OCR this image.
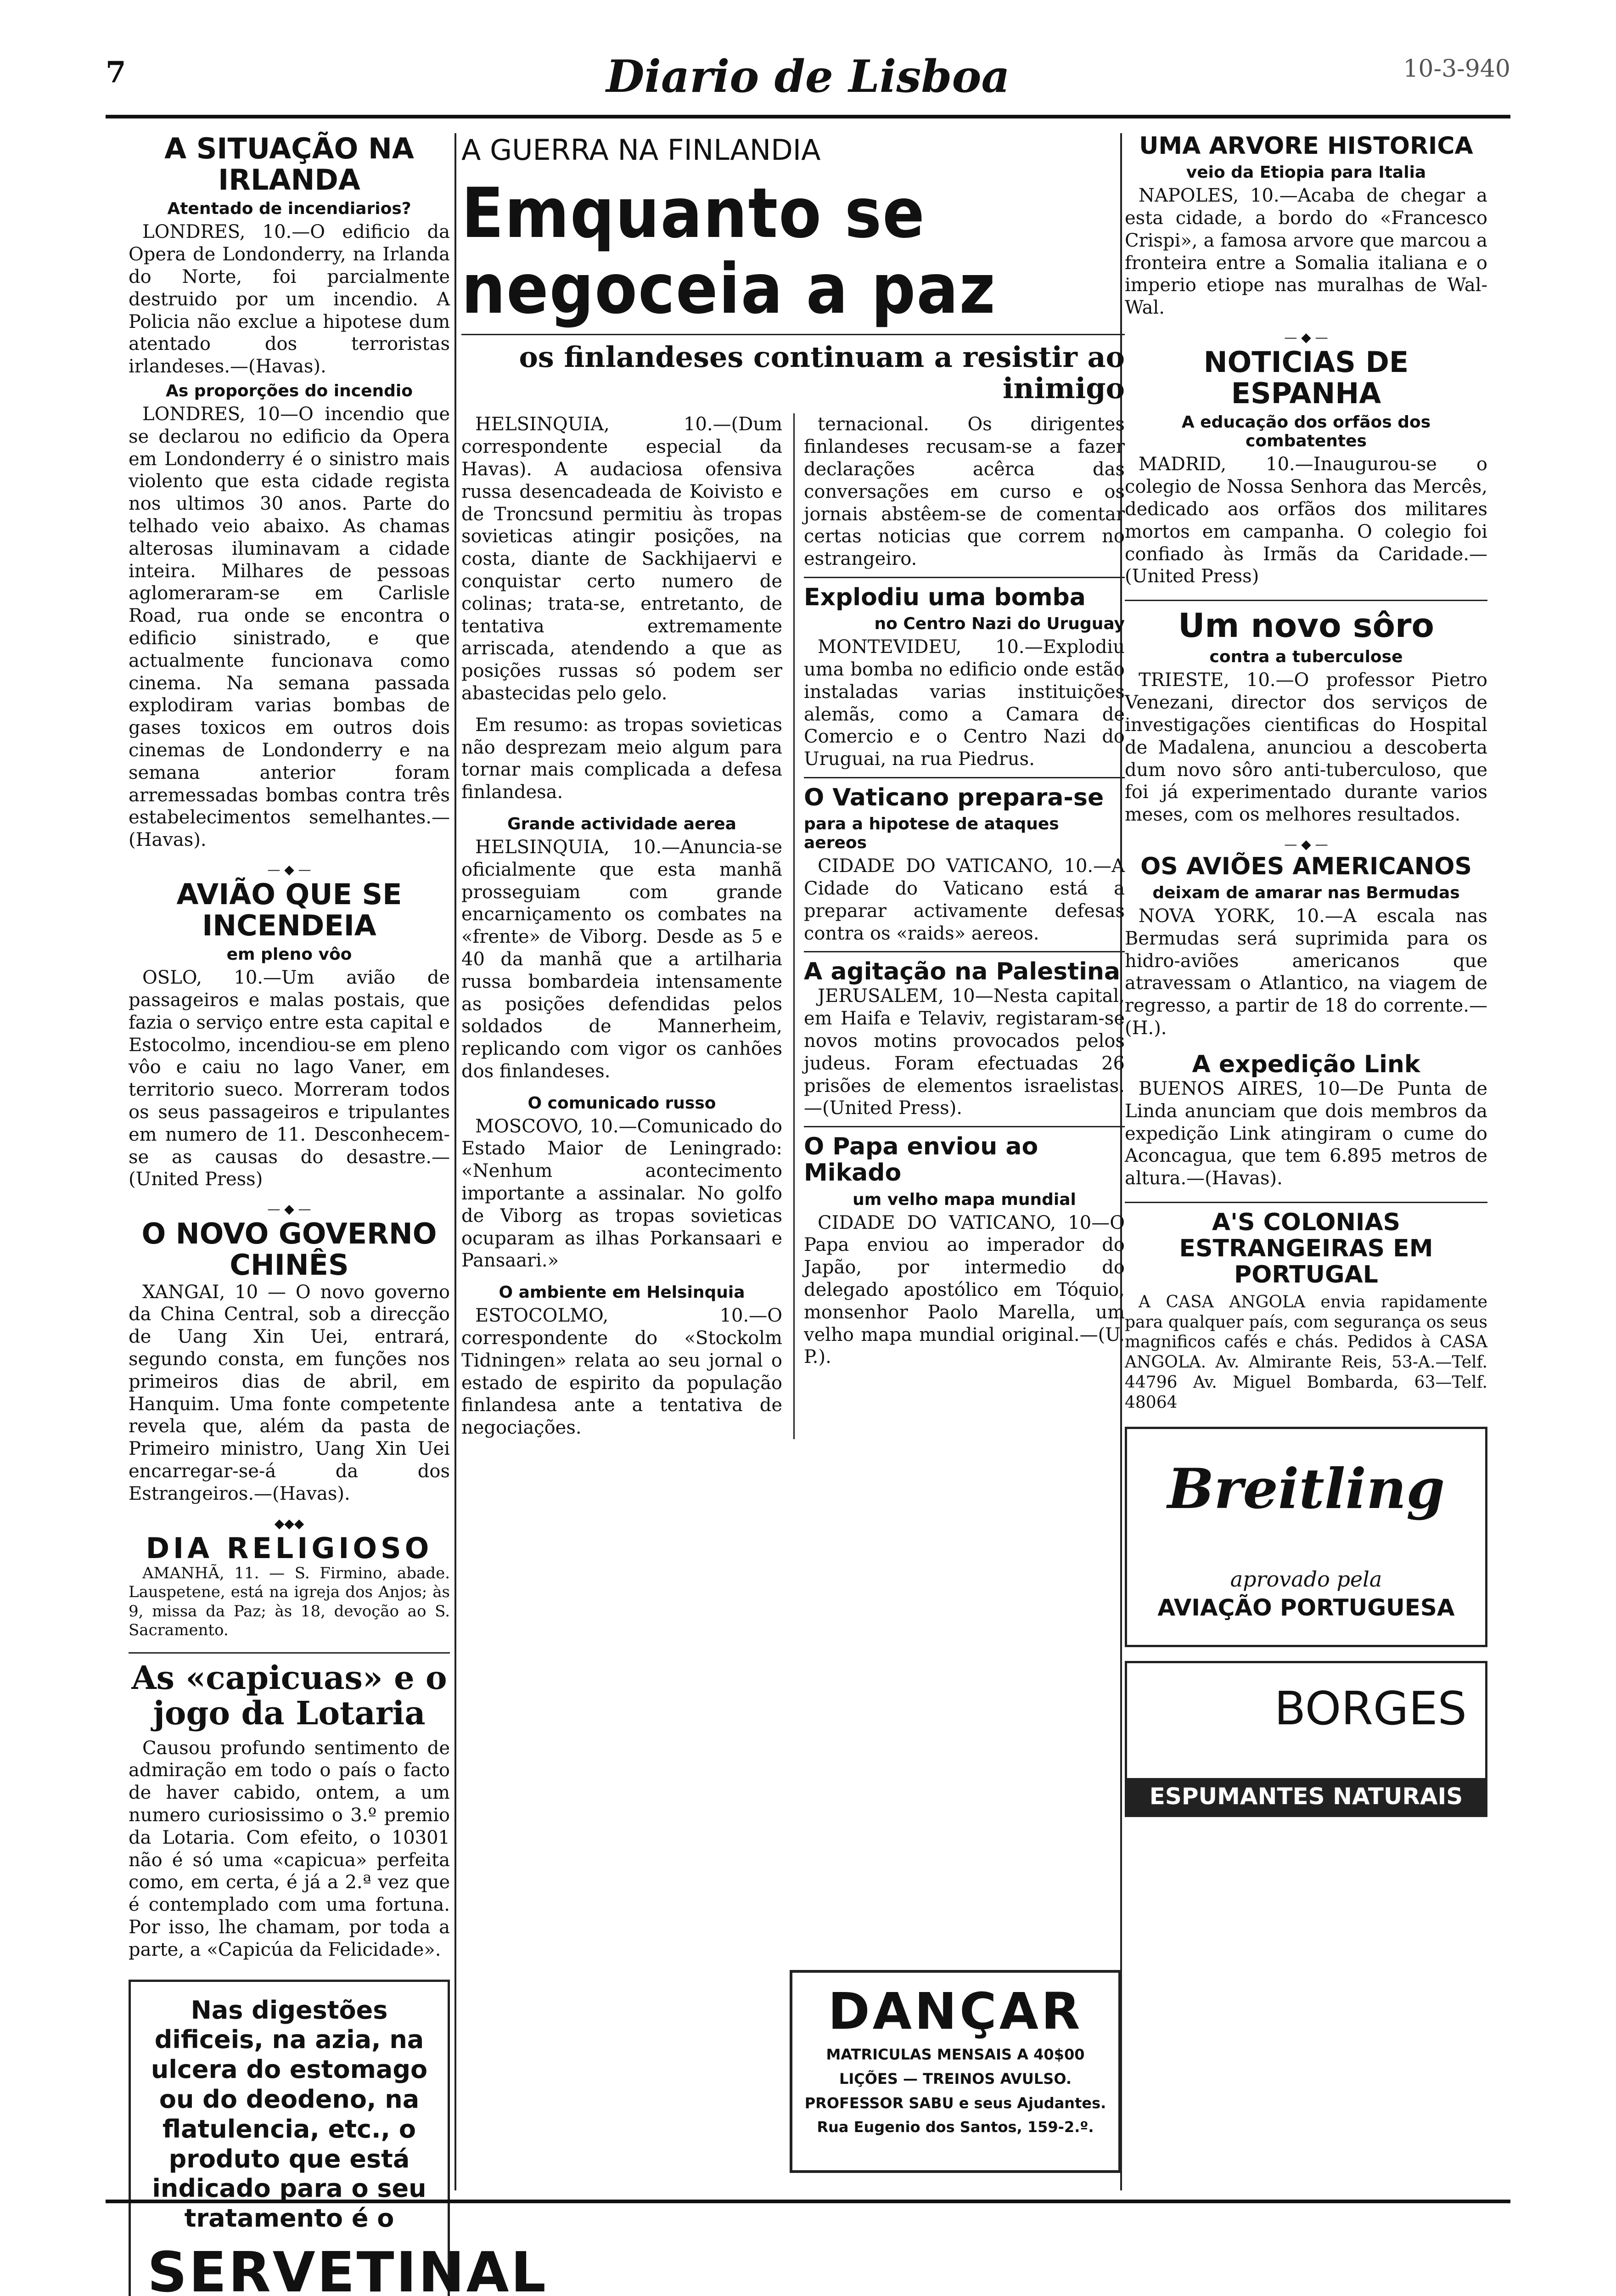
7	Diario de Lisboa	10-3-940
A SITUAÇÃO NA IRLANDA
Atentado de incendiarios?

LONDRES, 10.—O edificio da Opera de Londonderry, na Irlanda do Norte, foi parcialmente destruido por um incendio. A Policia não exclue a hipotese dum atentado dos terroristas irlandeses.—(Havas).

As proporções do incendio

LONDRES, 10—O incendio que se declarou no edificio da Opera em Londonderry é o sinistro mais violento que esta cidade regista nos ultimos 30 anos. Parte do telhado veio abaixo. As chamas alterosas iluminavam a cidade inteira. Milhares de pessoas aglomeraram-se em Carlisle Road, rua onde se encontra o edificio sinistrado, e que actualmente funcionava como cinema. Na semana passada explodiram varias bombas de gases toxicos em outros dois cinemas de Londonderry e na semana anterior foram arremessadas bombas contra três estabelecimentos semelhantes.—(Havas).

— ◆ —
AVIÃO QUE SE INCENDEIA
em pleno vôo

OSLO, 10.—Um avião de passageiros e malas postais, que fazia o serviço entre esta capital e Estocolmo, incendiou-se em pleno vôo e caiu no lago Vaner, em territorio sueco. Morreram todos os seus passageiros e tripulantes em numero de 11. Desconhecem-se as causas do desastre.—(United Press)

— ◆ —
O NOVO GOVERNO CHINÊS

XANGAI, 10 — O novo governo da China Central, sob a direcção de Uang Xin Uei, entrará, segundo consta, em funções nos primeiros dias de abril, em Hanquim. Uma fonte competente revela que, além da pasta de Primeiro ministro, Uang Xin Uei encarregar-se-á da dos Estrangeiros.—(Havas).

◆◆◆
DIA RELIGIOSO

AMANHÃ, 11. — S. Firmino, abade. Lauspetene, está na igreja dos Anjos; às 9, missa da Paz; às 18, devoção ao S. Sacramento.

As «capicuas» e o jogo da Lotaria

Causou profundo sentimento de admiração em todo o país o facto de haver cabido, ontem, a um numero curiosissimo o 3.º premio da Lotaria. Com efeito, o 10301 não é só uma «capicua» perfeita como, em certa, é já a 2.ª vez que é contemplado com uma fortuna. Por isso, lhe chamam, por toda a parte, a «Capicúa da Felicidade».

Nas digestões dificeis, na azia, na ulcera do estomago ou do deodeno, na flatulencia, etc., o produto que está indicado para o seu tratamento é o

SERVETINAL

A GUERRA NA FINLANDIA
Emquanto se negoceia a paz
os finlandeses continuam a resistir ao inimigo

HELSINQUIA, 10.—(Dum correspondente especial da Havas). A audaciosa ofensiva russa desencadeada de Koivisto e de Troncsund permitiu às tropas sovieticas atingir posições, na costa, diante de Sackhijaervi e conquistar certo numero de colinas; trata-se, entretanto, de tentativa extremamente arriscada, atendendo a que as posições russas só podem ser abastecidas pelo gelo.

Em resumo: as tropas sovieticas não desprezam meio algum para tornar mais complicada a defesa finlandesa.

Grande actividade aerea

HELSINQUIA, 10.—Anuncia-se oficialmente que esta manhã prosseguiam com grande encarniçamento os combates na «frente» de Viborg. Desde as 5 e 40 da manhã que a artilharia russa bombardeia intensamente as posições defendidas pelos soldados de Mannerheim, replicando com vigor os canhões dos finlandeses.

O comunicado russo

MOSCOVO, 10.—Comunicado do Estado Maior de Leningrado: «Nenhum acontecimento importante a assinalar. No golfo de Viborg as tropas sovieticas ocuparam as ilhas Porkansaari e Pansaari.»

O ambiente em Helsinquia

ESTOCOLMO, 10.—O correspondente do «Stockolm Tidningen» relata ao seu jornal o estado de espirito da população finlandesa ante a tentativa de negociações.

ternacional. Os dirigentes finlandeses recusam-se a fazer declarações acêrca das conversações em curso e os jornais abstêem-se de comentar certas noticias que correm no estrangeiro.

Explodiu uma bomba
no Centro Nazi do Uruguay

MONTEVIDEU, 10.—Explodiu uma bomba no edificio onde estão instaladas varias instituições alemãs, como a Camara de Comercio e o Centro Nazi do Uruguai, na rua Piedrus.

O Vaticano prepara-se
para a hipotese de ataques aereos

CIDADE DO VATICANO, 10.—A Cidade do Vaticano está a preparar activamente defesas contra os «raids» aereos.

A agitação na Palestina

JERUSALEM, 10—Nesta capital, em Haifa e Telaviv, registaram-se novos motins provocados pelos judeus. Foram efectuadas 26 prisões de elementos israelistas.—(United Press).

O Papa enviou ao Mikado
um velho mapa mundial

CIDADE DO VATICANO, 10—O Papa enviou ao imperador do Japão, por intermedio do delegado apostólico em Tóquio, monsenhor Paolo Marella, um velho mapa mundial original.—(U. P.).

DANÇAR
MATRICULAS MENSAIS A 40$00
LIÇÕES — TREINOS AVULSO.
PROFESSOR SABU e seus Ajudantes.
Rua Eugenio dos Santos, 159-2.º.
UMA ARVORE HISTORICA
veio da Etiopia para Italia

NAPOLES, 10.—Acaba de chegar a esta cidade, a bordo do «Francesco Crispi», a famosa arvore que marcou a fronteira entre a Somalia italiana e o imperio etiope nas muralhas de Wal-Wal.

— ◆ —
NOTICIAS DE ESPANHA
A educação dos orfãos dos combatentes

MADRID, 10.—Inaugurou-se o colegio de Nossa Senhora das Mercês, dedicado aos orfãos dos militares mortos em campanha. O colegio foi confiado às Irmãs da Caridade.—(United Press)

Um novo sôro
contra a tuberculose

TRIESTE, 10.—O professor Pietro Venezani, director dos serviços de investigações cientificas do Hospital de Madalena, anunciou a descoberta dum novo sôro anti-tuberculoso, que foi já experimentado durante varios meses, com os melhores resultados.

— ◆ —
OS AVIÕES AMERICANOS
deixam de amarar nas Bermudas

NOVA YORK, 10.—A escala nas Bermudas será suprimida para os hidro-aviões americanos que atravessam o Atlantico, na viagem de regresso, a partir de 18 do corrente.— (H.).

A expedição Link

BUENOS AIRES, 10—De Punta de Linda anunciam que dois membros da expedição Link atingiram o cume do Aconcagua, que tem 6.895 metros de altura.—(Havas).

A'S COLONIAS ESTRANGEIRAS EM PORTUGAL

A CASA ANGOLA envia rapidamente para qualquer país, com segurança os seus magnificos cafés e chás. Pedidos à CASA ANGOLA. Av. Almirante Reis, 53-A.—Telf. 44796 Av. Miguel Bombarda, 63—Telf. 48064

Breitling
aprovado pela
AVIAÇÃO PORTUGUESA
BORGES
ESPUMANTES NATURAIS
